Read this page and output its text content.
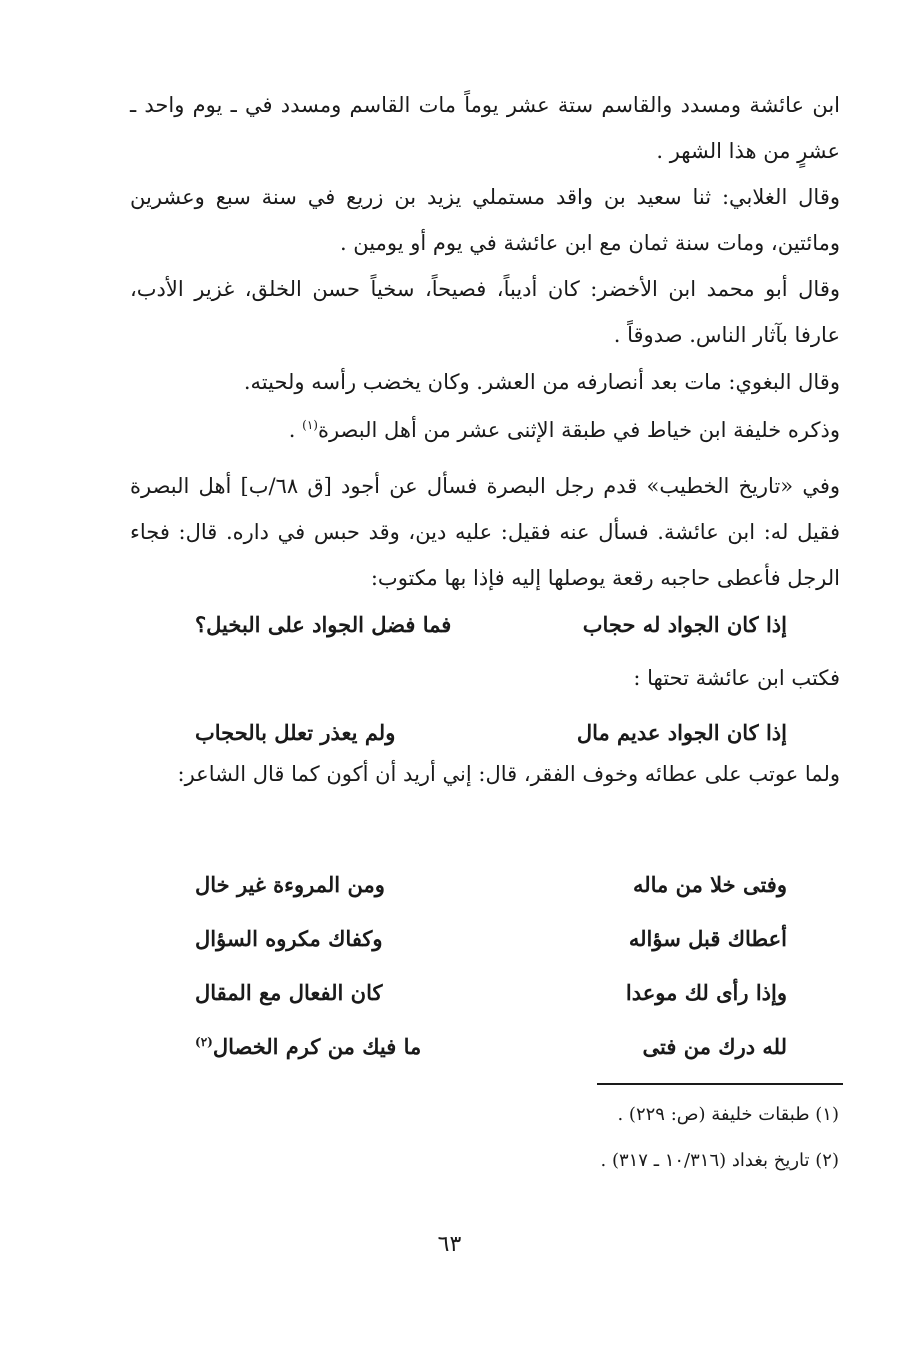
ابن عائشة ومسدد والقاسم ستة عشر يوماً مات القاسم ومسدد في ـ يوم واحد ـ عشرٍ من هذا الشهر .
وقال الغلابي: ثنا سعيد بن واقد مستملي يزيد بن زريع في سنة سبع وعشرين ومائتين، ومات سنة ثمان مع ابن عائشة في يوم أو يومين .
وقال أبو محمد ابن الأخضر: كان أديباً، فصيحاً، سخياً حسن الخلق، غزير الأدب، عارفا بآثار الناس. صدوقاً .
وقال البغوي: مات بعد أنصارفه من العشر. وكان يخضب رأسه ولحيته.
وذكره خليفة ابن خياط في طبقة الإثنى عشر من أهل البصرة$^{(١)}$ .
وفي «تاريخ الخطيب» قدم رجل البصرة فسأل عن أجود [ق ٦٨/ب] أهل البصرة فقيل له: ابن عائشة. فسأل عنه فقيل: عليه دين، وقد حبس في داره. قال: فجاء الرجل فأعطى حاجبه رقعة يوصلها إليه فإذا بها مكتوب:
إذا كان الجواد له حجاب
فما فضل الجواد على البخيل؟
فكتب ابن عائشة تحتها :
إذا كان الجواد عديم مال
ولم يعذر تعلل بالحجاب
ولما عوتب على عطائه وخوف الفقر، قال: إني أريد أن أكون كما قال الشاعر:
وفتى خلا من ماله
ومن المروءة غير خال
أعطاك قبل سؤاله
وكفاك مكروه السؤال
وإذا رأى لك موعدا
كان الفعال مع المقال
لله درك من فتى
ما فيك من كرم الخصال$^{(٢)}$
(١) طبقات خليفة (ص: ٢٢٩) .
(٢) تاريخ بغداد (١٠/٣١٦ ـ ٣١٧) .
٦٣
